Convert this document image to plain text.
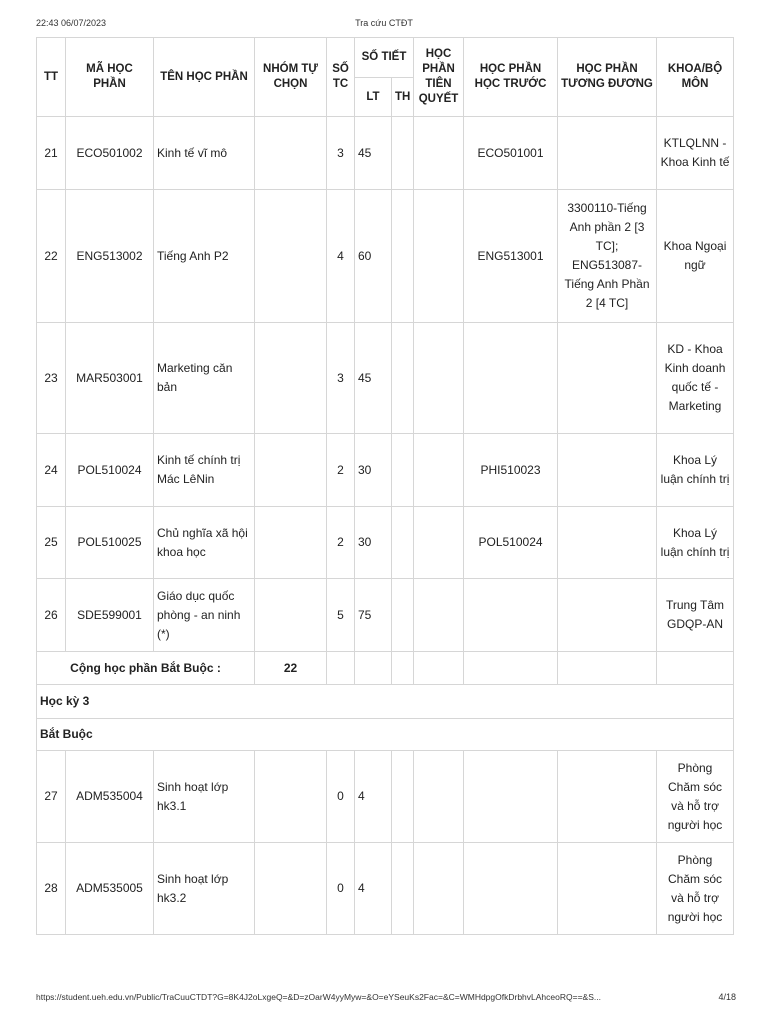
22:43 06/07/2023	Tra cứu CTĐT
TT	MÃ HỌC PHẦN	TÊN HỌC PHẦN	NHÓM TỰ CHỌN	SỐ TC	SỐ TIẾT		HỌC PHẦN TIÊN QUYẾT	HỌC PHẦN HỌC TRƯỚC	HỌC PHẦN TƯƠNG ĐƯƠNG	KHOA/BỘ MÔN
					LT	TH				
21	ECO501002	Kinh tế vĩ mô		3	45			ECO501001		KTLQLNN - Khoa Kinh tế
22	ENG513002	Tiếng Anh P2		4	60			ENG513001	3300110-Tiếng Anh phần 2 [3 TC]; ENG513087-Tiếng Anh Phần 2 [4 TC]	Khoa Ngoại ngữ
23	MAR503001	Marketing căn bản		3	45					KD - Khoa Kinh doanh quốc tế - Marketing
24	POL510024	Kinh tế chính trị Mác LêNin		2	30			PHI510023		Khoa Lý luận chính trị
25	POL510025	Chủ nghĩa xã hội khoa học		2	30			POL510024		Khoa Lý luận chính trị
26	SDE599001	Giáo dục quốc phòng - an ninh (*)		5	75					Trung Tâm GDQP-AN
Cộng học phần Bắt Buộc :			22							
Học kỳ 3										
Bắt Buộc										
27	ADM535004	Sinh hoạt lớp hk3.1		0	4					Phòng Chăm sóc và hỗ trợ người học
28	ADM535005	Sinh hoạt lớp hk3.2		0	4					Phòng Chăm sóc và hỗ trợ người học
https://student.ueh.edu.vn/Public/TraCuuCTDT?G=8K4J2oLxgeQ=&D=zOarW4yyMyw=&O=eYSeuKs2Fac=&C=WMHdpgOfkDrbhvLAhceoRQ==&S...	4/18
